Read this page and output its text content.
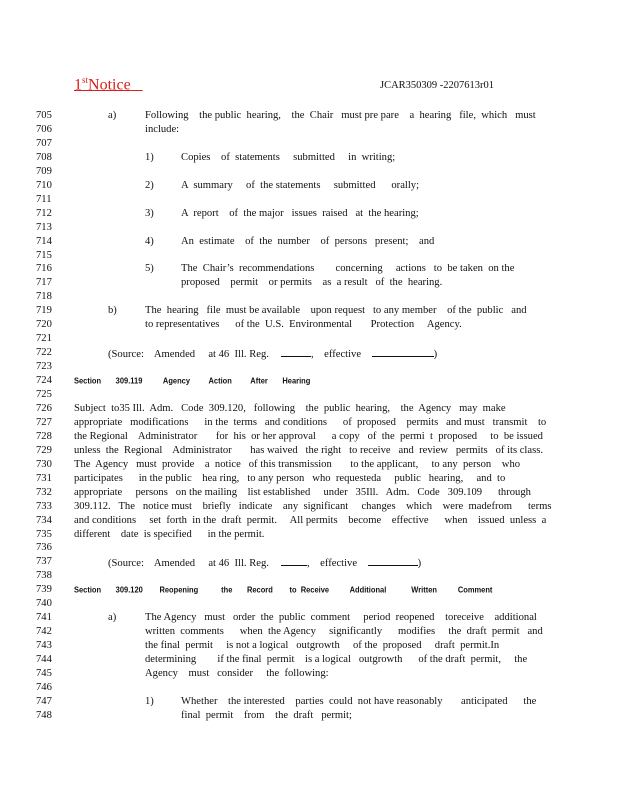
1stNotice	JCAR350309 -2207613r01
705	a)	Following    the public  hearing,    the  Chair   must pre pare    a  hearing   file,  which   must
706	include:
707
708	1)	Copies    of  statements     submitted     in  writing;
709
710	2)	A  summary     of  the statements     submitted      orally;
711
712	3)	A  report    of  the major   issues  raised   at  the hearing;
713
714	4)	An  estimate    of  the  number    of  persons   present;    and
715
716	5)	The  Chair’s  recommendations        concerning     actions   to  be taken  on the
717	proposed    permit    or permits    as  a result   of  the  hearing.
718
719	b)	The  hearing   file  must be available    upon request   to any member    of the  public   and
720	to representatives      of the  U.S.  Environmental       Protection     Agency.
721
722	(Source:    Amended     at 46  Ill. Reg.	,    effective	)
723
724	Section       309.119          Agency         Action         After       Hearing
725
726	Subject  to35 Ill.  Adm.   Code  309.120,   following    the  public  hearing,    the  Agency   may  make
727	appropriate   modifications      in the  terms   and conditions      of  proposed    permits   and must   transmit    to
728	the Regional    Administrator       for  his  or her approval      a copy   of  the  permi  t  proposed     to  be issued
729	unless  the  Regional    Administrator       has waived   the right   to receive   and  review   permits   of its class.
730	The  Agency   must  provide    a  notice   of this transmission       to the applicant,     to any  person    who
731	participates      in the public    hea ring,   to any person   who  requesteda     public   hearing,     and  to
732	appropriate     persons   on the mailing    list established     under   35Ill.   Adm.   Code   309.109      through
733	309.112.   The   notice must    briefly   indicate    any  significant     changes    which    were  madefrom      terms
734	and conditions     set  forth  in the  draft  permit.     All permits    become    effective      when    issued  unless  a
735	different    date  is specified      in the permit.
736
737	(Source:    Amended     at 46  Ill. Reg.	,    effective	)
738
739	Section       309.120        Reopening           the       Record        to  Receive          Additional            Written          Comment
740
741	a)	The Agency   must   order  the  public  comment     period  reopened    toreceive    additional
742	written  comments      when  the Agency     significantly      modifies     the  draft  permit   and
743	the final  permit     is not a logical   outgrowth     of the  proposed     draft  permit.In
744	determining        if the final  permit    is a logical   outgrowth      of the draft  permit,     the
745	Agency    must   consider     the  following:
746
747	1)	Whether    the interested    parties  could  not have reasonably       anticipated      the
748	final  permit    from    the  draft   permit;
